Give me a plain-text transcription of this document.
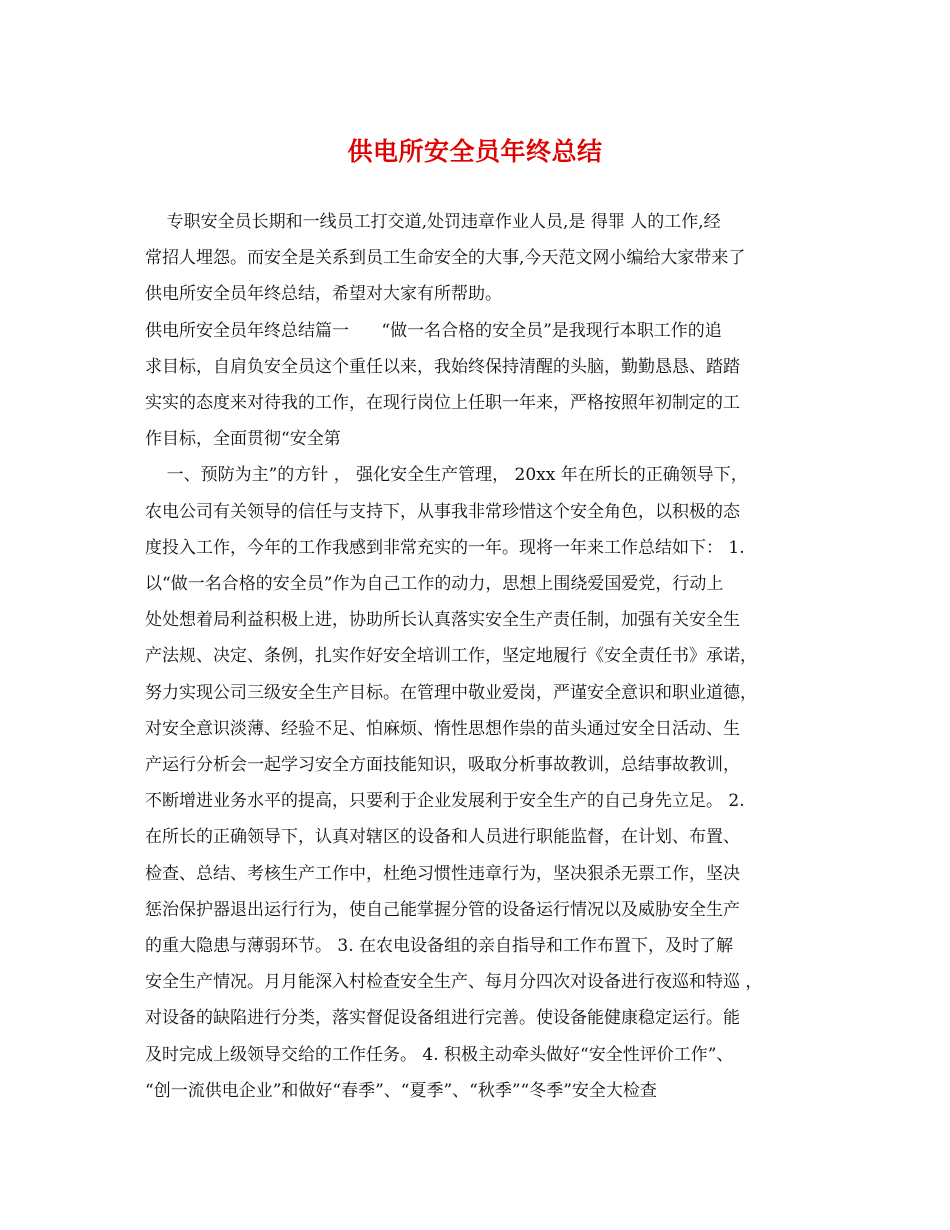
供电所安全员年终总结

专职安全员长期和一线员工打交道,处罚违章作业人员,是 得罪 人的工作,经

常招人埋怨。而安全是关系到员工生命安全的大事,今天范文网小编给大家带来了

供电所安全员年终总结，希望对大家有所帮助。

供电所安全员年终总结篇一      “做一名合格的安全员”是我现行本职工作的追

求目标，自肩负安全员这个重任以来，我始终保持清醒的头脑，勤勤恳恳、踏踏

实实的态度来对待我的工作，在现行岗位上任职一年来，严格按照年初制定的工

作目标，全面贯彻“安全第

一、预防为主”的方针 ， 强化安全生产管理， 20xx 年在所长的正确领导下，

农电公司有关领导的信任与支持下，从事我非常珍惜这个安全角色，以积极的态

度投入工作，今年的工作我感到非常充实的一年。现将一年来工作总结如下： 1.

以“做一名合格的安全员”作为自己工作的动力，思想上围绕爱国爱党，行动上

处处想着局利益积极上进，协助所长认真落实安全生产责任制，加强有关安全生

产法规、决定、条例，扎实作好安全培训工作，坚定地履行《安全责任书》承诺，

努力实现公司三级安全生产目标。在管理中敬业爱岗，严谨安全意识和职业道德，

对安全意识淡薄、经验不足、怕麻烦、惰性思想作祟的苗头通过安全日活动、生

产运行分析会一起学习安全方面技能知识，吸取分析事故教训，总结事故教训，

不断增进业务水平的提高，只要利于企业发展利于安全生产的自己身先立足。 2.

在所长的正确领导下，认真对辖区的设备和人员进行职能监督，在计划、布置、

检查、总结、考核生产工作中，杜绝习惯性违章行为，坚决狠杀无票工作，坚决

惩治保护器退出运行行为，使自己能掌握分管的设备运行情况以及威胁安全生产

的重大隐患与薄弱环节。 3. 在农电设备组的亲自指导和工作布置下，及时了解

安全生产情况。月月能深入村检查安全生产、每月分四次对设备进行夜巡和特巡 ，

对设备的缺陷进行分类，落实督促设备组进行完善。使设备能健康稳定运行。能

及时完成上级领导交给的工作任务。 4. 积极主动牵头做好“安全性评价工作”、

“创一流供电企业”和做好“春季”、“夏季”、“秋季”“冬季”安全大检查
